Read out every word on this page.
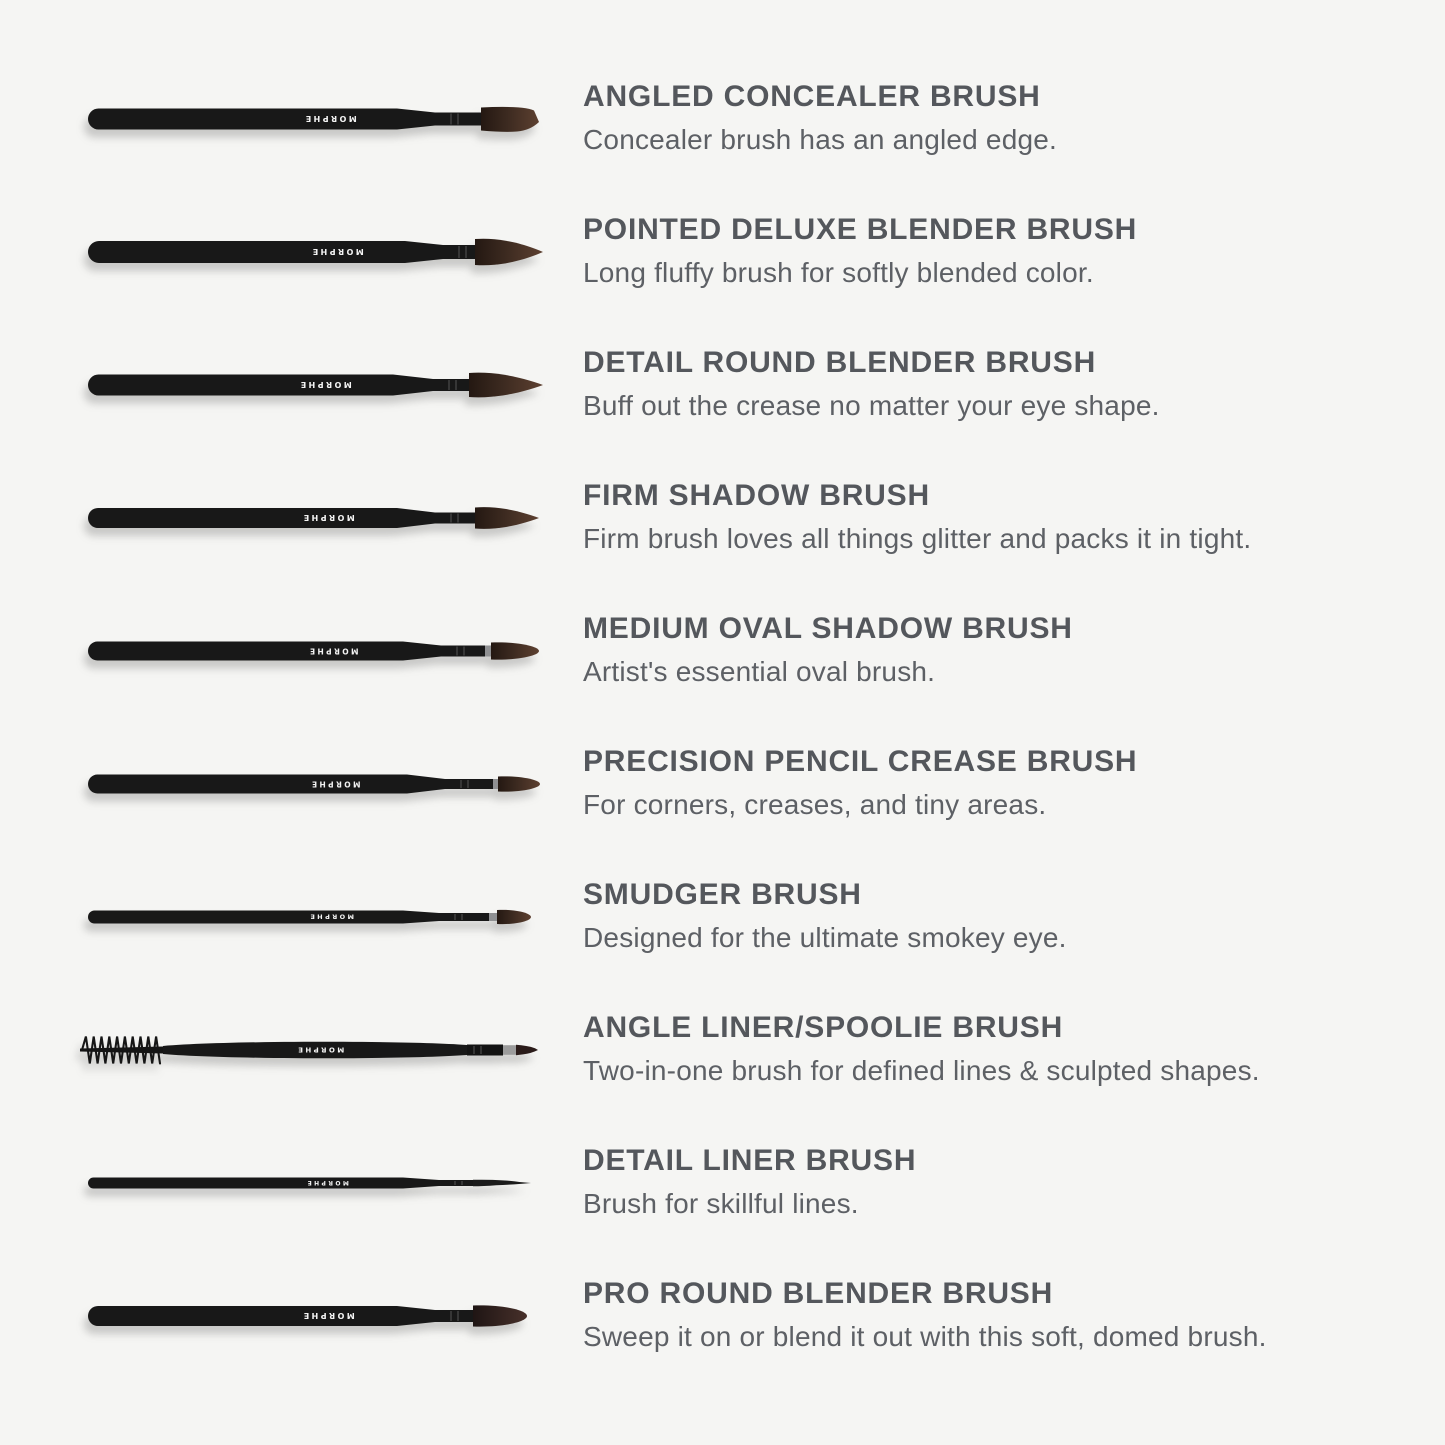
MORPHE
ANGLED CONCEALER BRUSH

Concealer brush has an angled edge.

MORPHE
POINTED DELUXE BLENDER BRUSH

Long fluffy brush for softly blended color.

MORPHE
DETAIL ROUND BLENDER BRUSH

Buff out the crease no matter your eye shape.

MORPHE
FIRM SHADOW BRUSH

Firm brush loves all things glitter and packs it in tight.

MORPHE
MEDIUM OVAL SHADOW BRUSH

Artist's essential oval brush.

MORPHE
PRECISION PENCIL CREASE BRUSH

For corners, creases, and tiny areas.

MORPHE
SMUDGER BRUSH

Designed for the ultimate smokey eye.

MORPHE
ANGLE LINER/SPOOLIE BRUSH

Two-in-one brush for defined lines & sculpted shapes.

MORPHE
DETAIL LINER BRUSH

Brush for skillful lines.

MORPHE
PRO ROUND BLENDER BRUSH

Sweep it on or blend it out with this soft, domed brush.
